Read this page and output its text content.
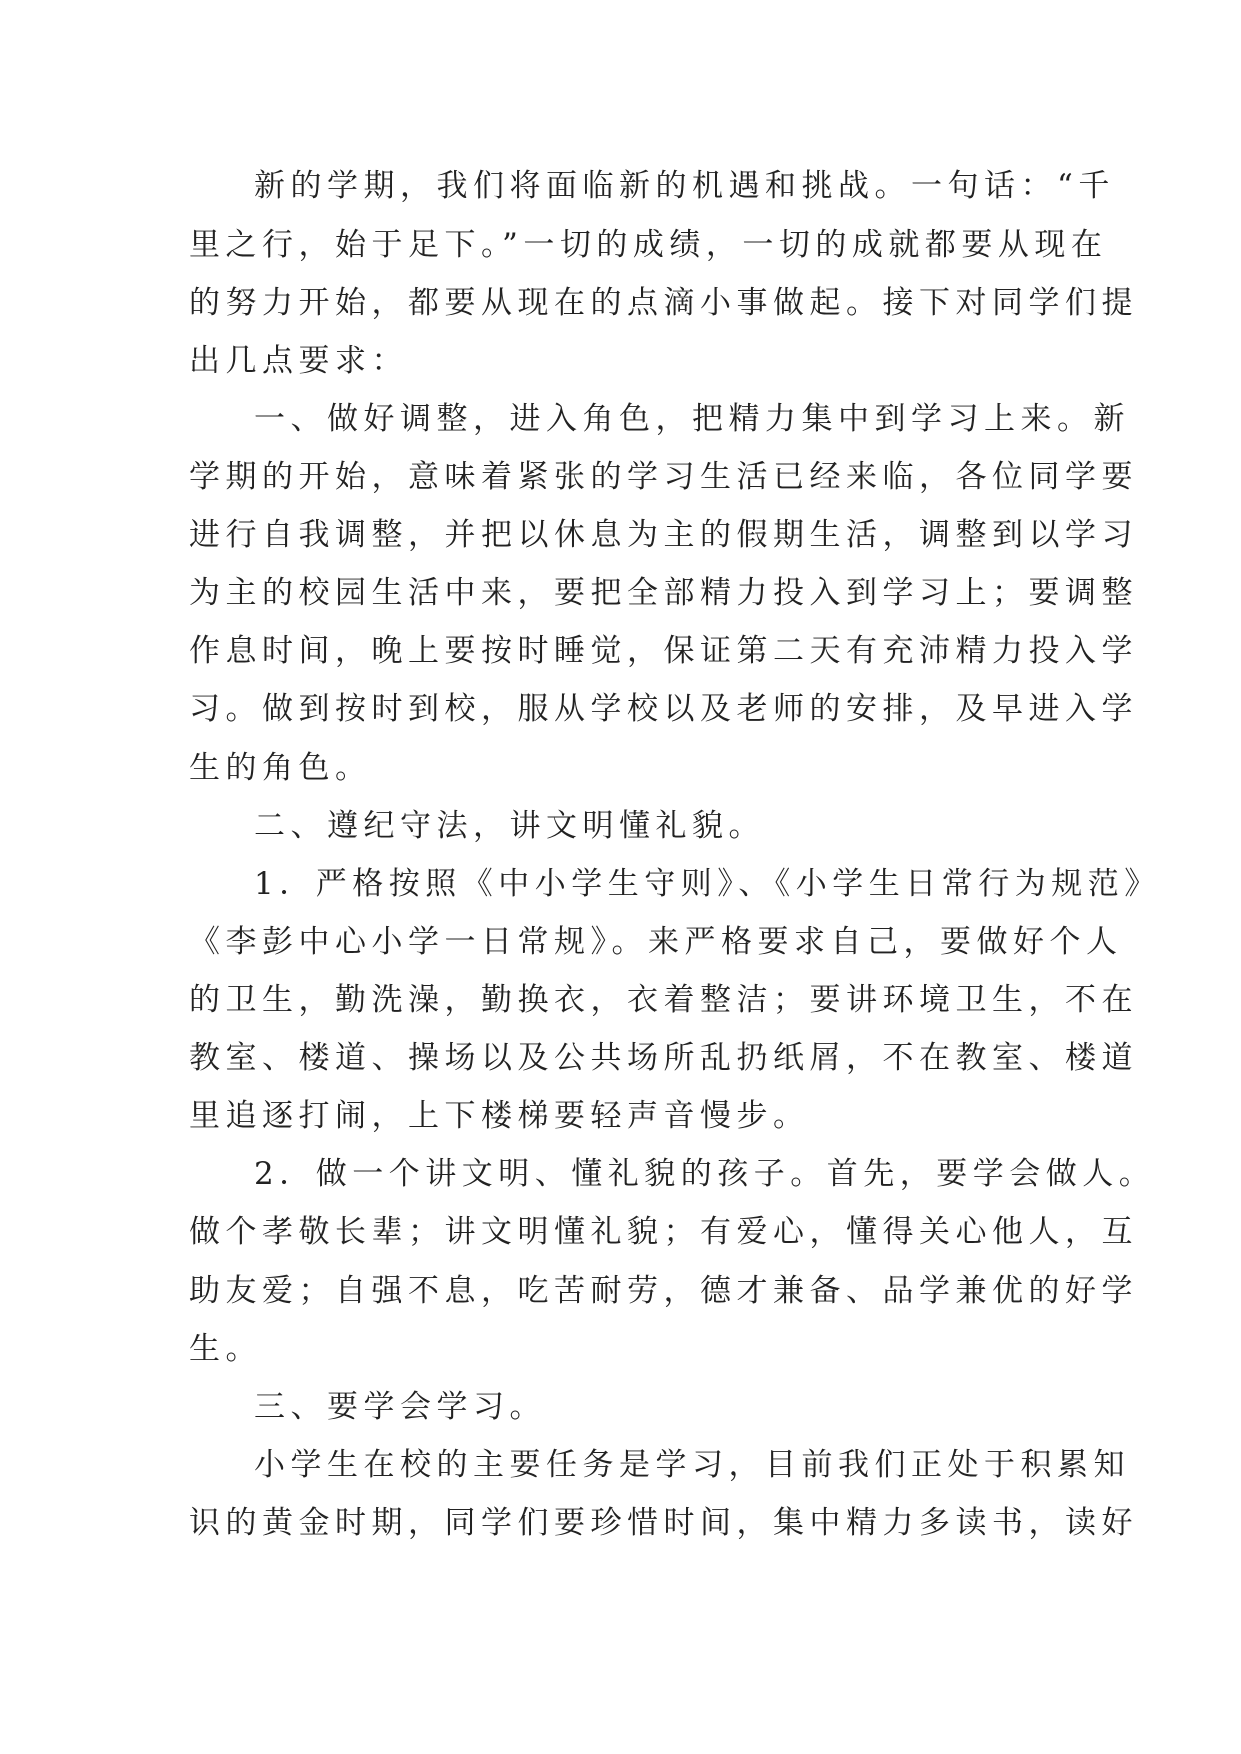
新的学期，我们将面临新的机遇和挑战。一句话：“千
里之行，始于足下。”一切的成绩，一切的成就都要从现在
的努力开始，都要从现在的点滴小事做起。接下对同学们提
出几点要求：
一、做好调整，进入角色，把精力集中到学习上来。新
学期的开始，意味着紧张的学习生活已经来临，各位同学要
进行自我调整，并把以休息为主的假期生活，调整到以学习
为主的校园生活中来，要把全部精力投入到学习上；要调整
作息时间，晚上要按时睡觉，保证第二天有充沛精力投入学
习。做到按时到校，服从学校以及老师的安排，及早进入学
生的角色。
二、遵纪守法，讲文明懂礼貌。
1．严格按照《中小学生守则》、《小学生日常行为规范》
《李彭中心小学一日常规》。来严格要求自己，要做好个人
的卫生，勤洗澡，勤换衣，衣着整洁；要讲环境卫生，不在
教室、楼道、操场以及公共场所乱扔纸屑，不在教室、楼道
里追逐打闹，上下楼梯要轻声音慢步。
2．做一个讲文明、懂礼貌的孩子。首先，要学会做人。
做个孝敬长辈；讲文明懂礼貌；有爱心，懂得关心他人，互
助友爱；自强不息，吃苦耐劳，德才兼备、品学兼优的好学
生。
三、要学会学习。
小学生在校的主要任务是学习，目前我们正处于积累知
识的黄金时期，同学们要珍惜时间，集中精力多读书，读好
